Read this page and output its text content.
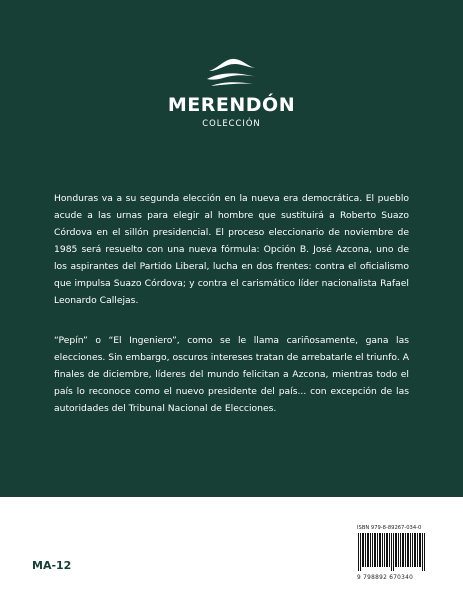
MERENDÓN
COLECCIÓN

Honduras va a su segunda elección en la nueva era democrática. El pueblo acude a las urnas para elegir al hombre que sustituirá a Roberto Suazo Córdova en el sillón presidencial. El proceso eleccionario de noviembre de 1985 será resuelto con una nueva fórmula: Opción B. José Azcona, uno de los aspirantes del Partido Liberal, lucha en dos frentes: contra el oficialismo que impulsa Suazo Córdova; y contra el carismático líder nacionalista Rafael Leonardo Callejas.

“Pepín” o “El Ingeniero”, como se le llama cariñosamente, gana las elecciones. Sin embargo, oscuros intereses tratan de arrebatarle el triunfo. A finales de diciembre, líderes del mundo felicitan a Azcona, mientras todo el país lo reconoce como el nuevo presidente del país... con excepción de las autoridades del Tribunal Nacional de Elecciones.

MA-12
ISBN 979-8-89267-034-0
9 798892 670340
